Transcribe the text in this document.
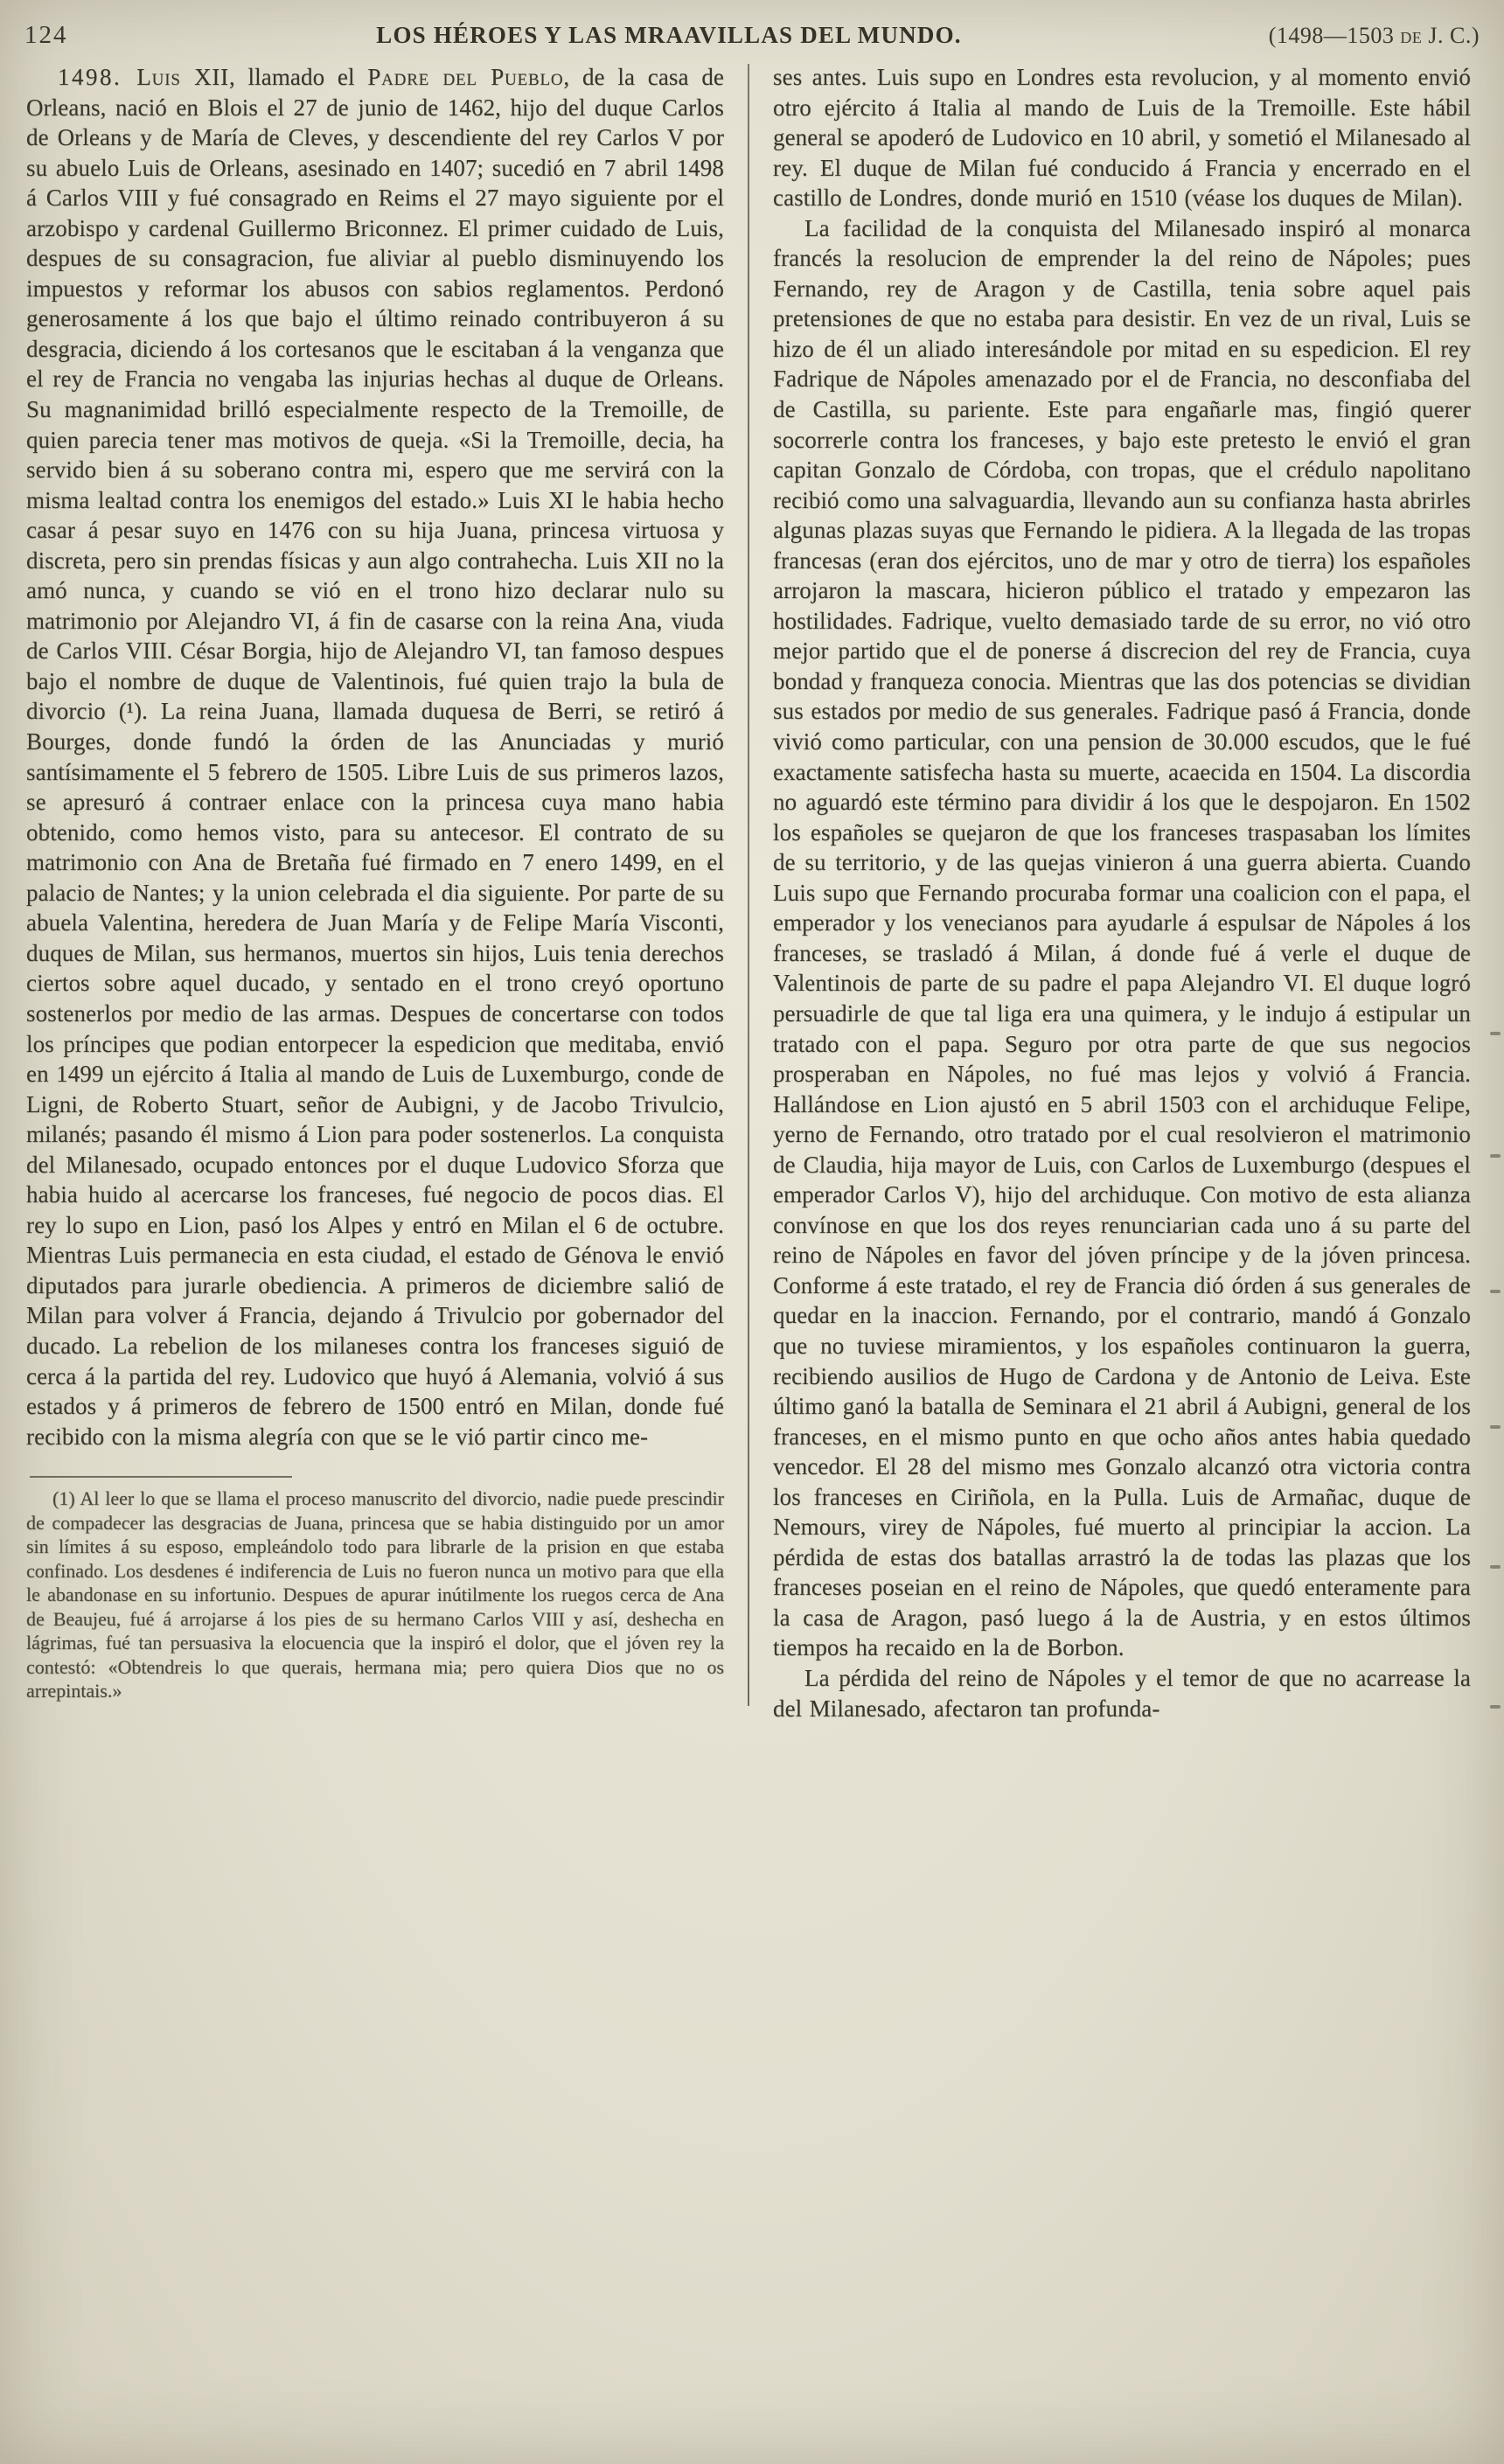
124	LOS HÉROES Y LAS MRAAVILLAS DEL MUNDO.	(1498—1503 de J. C.)

1498. Luis XII, llamado el Padre del Pueblo, de la casa de Orleans, nació en Blois el 27 de junio de 1462, hijo del duque Carlos de Orleans y de María de Cleves, y descendiente del rey Carlos V por su abuelo Luis de Orleans, asesinado en 1407; sucedió en 7 abril 1498 á Carlos VIII y fué consagrado en Reims el 27 mayo siguiente por el arzobispo y cardenal Guillermo Briconnez. El primer cuidado de Luis, despues de su consagracion, fue aliviar al pueblo disminuyendo los impuestos y reformar los abusos con sabios reglamentos. Perdonó generosamente á los que bajo el último reinado contribuyeron á su desgracia, diciendo á los cortesanos que le escitaban á la venganza que el rey de Francia no vengaba las injurias hechas al duque de Orleans. Su magnanimidad brilló especialmente respecto de la Tremoille, de quien parecia tener mas motivos de queja. «Si la Tremoille, decia, ha servido bien á su soberano contra mi, espero que me servirá con la misma lealtad contra los enemigos del estado.» Luis XI le habia hecho casar á pesar suyo en 1476 con su hija Juana, princesa virtuosa y discreta, pero sin prendas físicas y aun algo contrahecha. Luis XII no la amó nunca, y cuando se vió en el trono hizo declarar nulo su matrimonio por Alejandro VI, á fin de casarse con la reina Ana, viuda de Carlos VIII. César Borgia, hijo de Alejandro VI, tan famoso despues bajo el nombre de duque de Valentinois, fué quien trajo la bula de divorcio (¹). La reina Juana, llamada duquesa de Berri, se retiró á Bourges, donde fundó la órden de las Anunciadas y murió santísimamente el 5 febrero de 1505. Libre Luis de sus primeros lazos, se apresuró á contraer enlace con la princesa cuya mano habia obtenido, como hemos visto, para su antecesor. El contrato de su matrimonio con Ana de Bretaña fué firmado en 7 enero 1499, en el palacio de Nantes; y la union celebrada el dia siguiente. Por parte de su abuela Valentina, heredera de Juan María y de Felipe María Visconti, duques de Milan, sus hermanos, muertos sin hijos, Luis tenia derechos ciertos sobre aquel ducado, y sentado en el trono creyó oportuno sostenerlos por medio de las armas. Despues de concertarse con todos los príncipes que podian entorpecer la espedicion que meditaba, envió en 1499 un ejército á Italia al mando de Luis de Luxemburgo, conde de Ligni, de Roberto Stuart, señor de Aubigni, y de Jacobo Trivulcio, milanés; pasando él mismo á Lion para poder sostenerlos. La conquista del Milanesado, ocupado entonces por el duque Ludovico Sforza que habia huido al acercarse los franceses, fué negocio de pocos dias. El rey lo supo en Lion, pasó los Alpes y entró en Milan el 6 de octubre. Mientras Luis permanecia en esta ciudad, el estado de Génova le envió diputados para jurarle obediencia. A primeros de diciembre salió de Milan para volver á Francia, dejando á Trivulcio por gobernador del ducado. La rebelion de los milaneses contra los franceses siguió de cerca á la partida del rey. Ludovico que huyó á Alemania, volvió á sus estados y á primeros de febrero de 1500 entró en Milan, donde fué recibido con la misma alegría con que se le vió partir cinco me-

(1) Al leer lo que se llama el proceso manuscrito del divorcio, nadie puede prescindir de compadecer las desgracias de Juana, princesa que se habia distinguido por un amor sin límites á su esposo, empleándolo todo para librarle de la prision en que estaba confinado. Los desdenes é indiferencia de Luis no fueron nunca un motivo para que ella le abandonase en su infortunio. Despues de apurar inútilmente los ruegos cerca de Ana de Beaujeu, fué á arrojarse á los pies de su hermano Carlos VIII y así, deshecha en lágrimas, fué tan persuasiva la elocuencia que la inspiró el dolor, que el jóven rey la contestó: «Obtendreis lo que querais, hermana mia; pero quiera Dios que no os arrepintais.»

ses antes. Luis supo en Londres esta revolucion, y al momento envió otro ejército á Italia al mando de Luis de la Tremoille. Este hábil general se apoderó de Ludovico en 10 abril, y sometió el Milanesado al rey. El duque de Milan fué conducido á Francia y encerrado en el castillo de Londres, donde murió en 1510 (véase los duques de Milan).

La facilidad de la conquista del Milanesado inspiró al monarca francés la resolucion de emprender la del reino de Nápoles; pues Fernando, rey de Aragon y de Castilla, tenia sobre aquel pais pretensiones de que no estaba para desistir. En vez de un rival, Luis se hizo de él un aliado interesándole por mitad en su espedicion. El rey Fadrique de Nápoles amenazado por el de Francia, no desconfiaba del de Castilla, su pariente. Este para engañarle mas, fingió querer socorrerle contra los franceses, y bajo este pretesto le envió el gran capitan Gonzalo de Córdoba, con tropas, que el crédulo napolitano recibió como una salvaguardia, llevando aun su confianza hasta abrirles algunas plazas suyas que Fernando le pidiera. A la llegada de las tropas francesas (eran dos ejércitos, uno de mar y otro de tierra) los españoles arrojaron la mascara, hicieron público el tratado y empezaron las hostilidades. Fadrique, vuelto demasiado tarde de su error, no vió otro mejor partido que el de ponerse á discrecion del rey de Francia, cuya bondad y franqueza conocia. Mientras que las dos potencias se dividian sus estados por medio de sus generales. Fadrique pasó á Francia, donde vivió como particular, con una pension de 30.000 escudos, que le fué exactamente satisfecha hasta su muerte, acaecida en 1504. La discordia no aguardó este término para dividir á los que le despojaron. En 1502 los españoles se quejaron de que los franceses traspasaban los límites de su territorio, y de las quejas vinieron á una guerra abierta. Cuando Luis supo que Fernando procuraba formar una coalicion con el papa, el emperador y los venecianos para ayudarle á espulsar de Nápoles á los franceses, se trasladó á Milan, á donde fué á verle el duque de Valentinois de parte de su padre el papa Alejandro VI. El duque logró persuadirle de que tal liga era una quimera, y le indujo á estipular un tratado con el papa. Seguro por otra parte de que sus negocios prosperaban en Nápoles, no fué mas lejos y volvió á Francia. Hallándose en Lion ajustó en 5 abril 1503 con el archiduque Felipe, yerno de Fernando, otro tratado por el cual resolvieron el matrimonio de Claudia, hija mayor de Luis, con Carlos de Luxemburgo (despues el emperador Carlos V), hijo del archiduque. Con motivo de esta alianza convínose en que los dos reyes renunciarian cada uno á su parte del reino de Nápoles en favor del jóven príncipe y de la jóven princesa. Conforme á este tratado, el rey de Francia dió órden á sus generales de quedar en la inaccion. Fernando, por el contrario, mandó á Gonzalo que no tuviese miramientos, y los españoles continuaron la guerra, recibiendo ausilios de Hugo de Cardona y de Antonio de Leiva. Este último ganó la batalla de Seminara el 21 abril á Aubigni, general de los franceses, en el mismo punto en que ocho años antes habia quedado vencedor. El 28 del mismo mes Gonzalo alcanzó otra victoria contra los franceses en Ciriñola, en la Pulla. Luis de Armañac, duque de Nemours, virey de Nápoles, fué muerto al principiar la accion. La pérdida de estas dos batallas arrastró la de todas las plazas que los franceses poseian en el reino de Nápoles, que quedó enteramente para la casa de Aragon, pasó luego á la de Austria, y en estos últimos tiempos ha recaido en la de Borbon.

La pérdida del reino de Nápoles y el temor de que no acarrease la del Milanesado, afectaron tan profunda-
